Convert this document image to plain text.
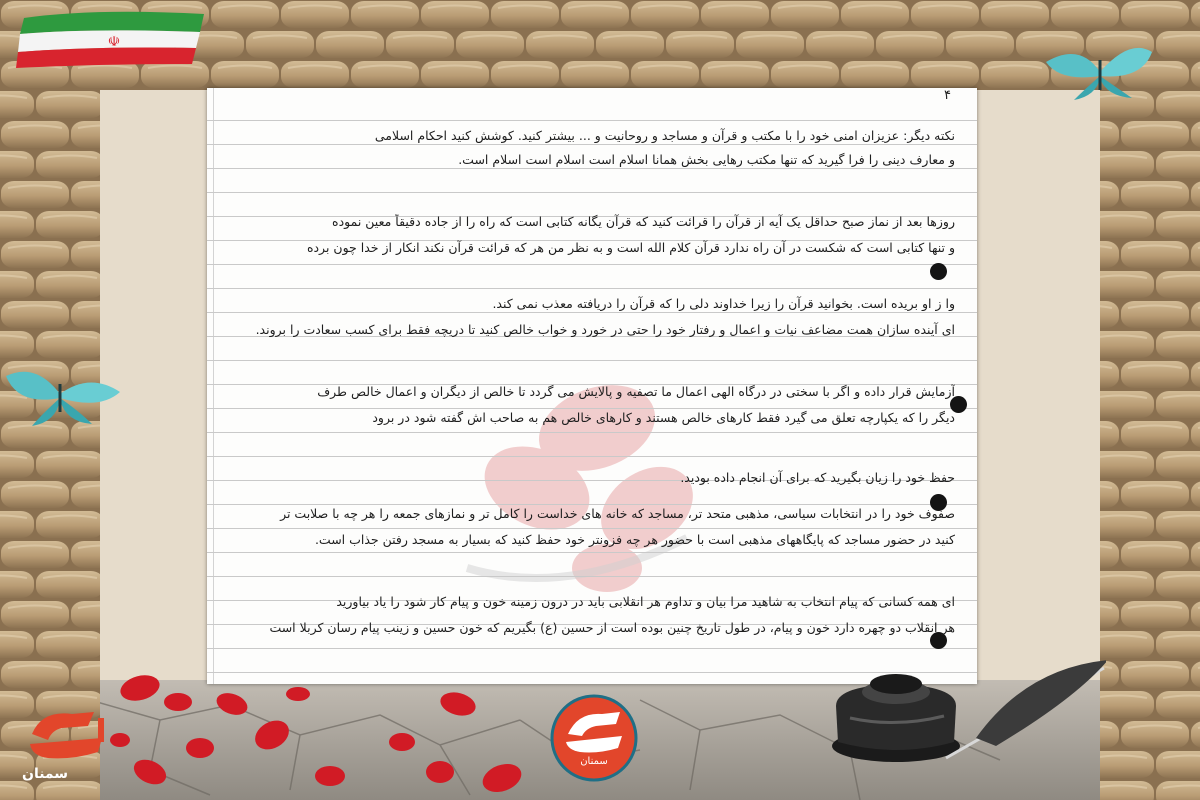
☫
۴
نکته دیگر: عزیزان امنی خود را با مکتب و قرآن و مساجد و روحانیت و ... بیشتر کنید. کوشش کنید احکام اسلامی
و معارف دینی را فرا گیرید که تنها مکتب رهایی بخش همانا اسلام است اسلام است اسلام است.
روزها بعد از نماز صبح حداقل یک آیه از قرآن را قرائت کنید که قرآن یگانه کتابی است که راه را از جاده دقیقاً معین نموده
و تنها کتابی است که شکست در آن راه ندارد قرآن کلام الله است و به نظر من هر که قرائت قرآن نکند انکار از خدا چون برده
وا ز او بریده است. بخوانید قرآن را زیرا خداوند دلی را که قرآن را دریافته معذب نمی کند.
ای آینده سازان همت مضاعف نیات و اعمال و رفتار خود را حتی در خورد و خواب خالص کنید تا دریچه فقط برای کسب سعادت را بروند.
آزمایش قرار داده و اگر با سختی در درگاه الهی اعمال ما تصفیه و پالایش می گردد تا خالص از دیگران و اعمال خالص طرف
دیگر را که یکپارچه تعلق می گیرد فقط کارهای خالص هستند و کارهای خالص هم به صاحب اش گفته شود در برود
حفظ خود را زیان بگیرید که برای آن انجام داده بودید.
صفوف خود را در انتخابات سیاسی، مذهبی متحد تر، مساجد که خانه های خداست را کامل تر و نمازهای جمعه را هر چه با صلابت تر
کنید در حضور مساجد که پایگاههای مذهبی است با حضور هر چه فزونتر خود حفظ کنید که بسیار به مسجد رفتن جذاب است.
ای همه کسانی که پیام انتخاب به شاهید مرا بیان و تداوم هر انقلابی باید در درون زمینه خون و پیام کار شود را یاد بیاورید
هر انقلاب دو چهره دارد خون و پیام، در طول تاریخ چنین بوده است از حسین (ع) بگیریم که خون حسین و زینب پیام رسان کربلا است
سمنان
سمنان
